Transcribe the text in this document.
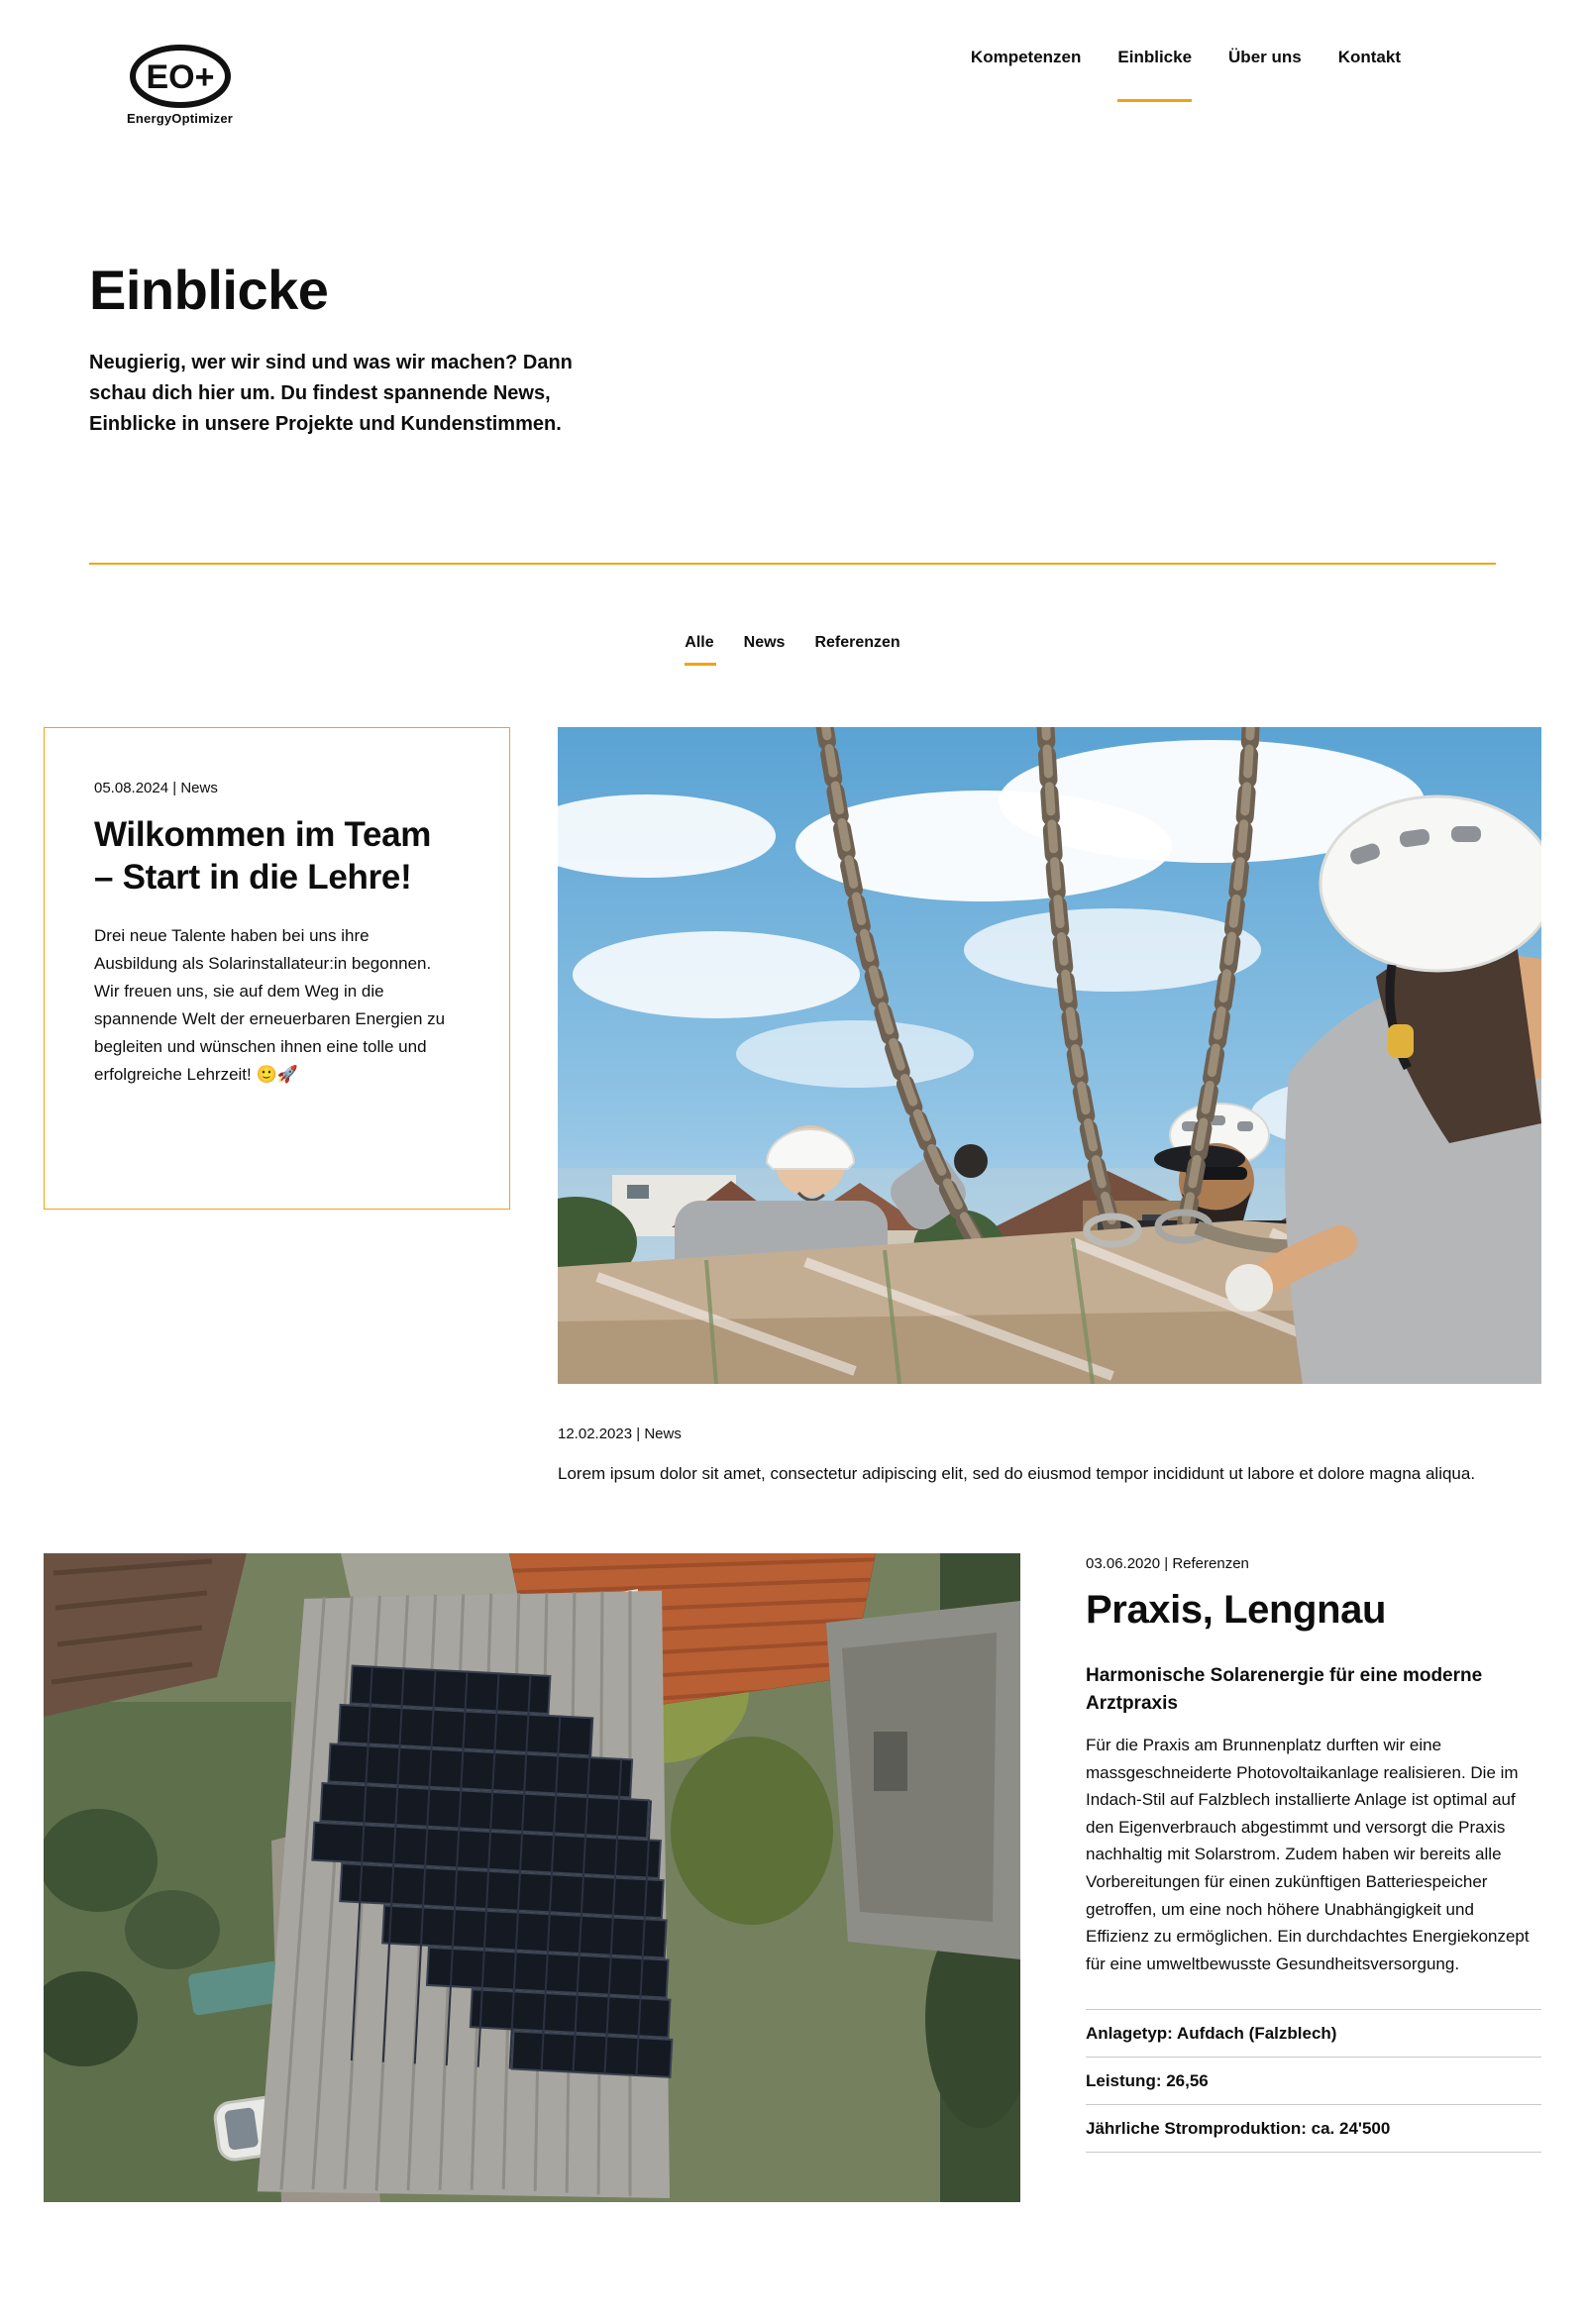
EO+
EnergyOptimizer
Kompetenzen Einblicke Über uns Kontakt
Einblicke

Neugierig, wer wir sind und was wir machen? Dann schau dich hier um. Du findest spannende News, Einblicke in unsere Projekte und Kundenstimmen.

Alle News Referenzen
05.08.2024 | News
Wilkommen im Team – Start in die Lehre!

Drei neue Talente haben bei uns ihre Ausbildung als Solarinstallateur:in begonnen. Wir freuen uns, sie auf dem Weg in die spannende Welt der erneuerbaren Energien zu begleiten und wünschen ihnen eine tolle und erfolgreiche Lehrzeit! 🙂🚀

12.02.2023 | News

Lorem ipsum dolor sit amet, consectetur adipiscing elit, sed do eiusmod tempor incididunt ut labore et dolore magna aliqua.

03.06.2020 | Referenzen
Praxis, Lengnau

Harmonische Solarenergie für eine moderne Arztpraxis

Für die Praxis am Brunnenplatz durften wir eine massgeschneiderte Photovoltaikanlage realisieren. Die im Indach-Stil auf Falzblech installierte Anlage ist optimal auf den Eigenverbrauch abgestimmt und versorgt die Praxis nachhaltig mit Solarstrom. Zudem haben wir bereits alle Vorbereitungen für einen zukünftigen Batteriespeicher getroffen, um eine noch höhere Unabhängigkeit und Effizienz zu ermöglichen. Ein durchdachtes Energiekonzept für eine umweltbewusste Gesundheitsversorgung.

Anlagetyp: Aufdach (Falzblech)
Leistung: 26,56
Jährliche Stromproduktion: ca. 24'500
